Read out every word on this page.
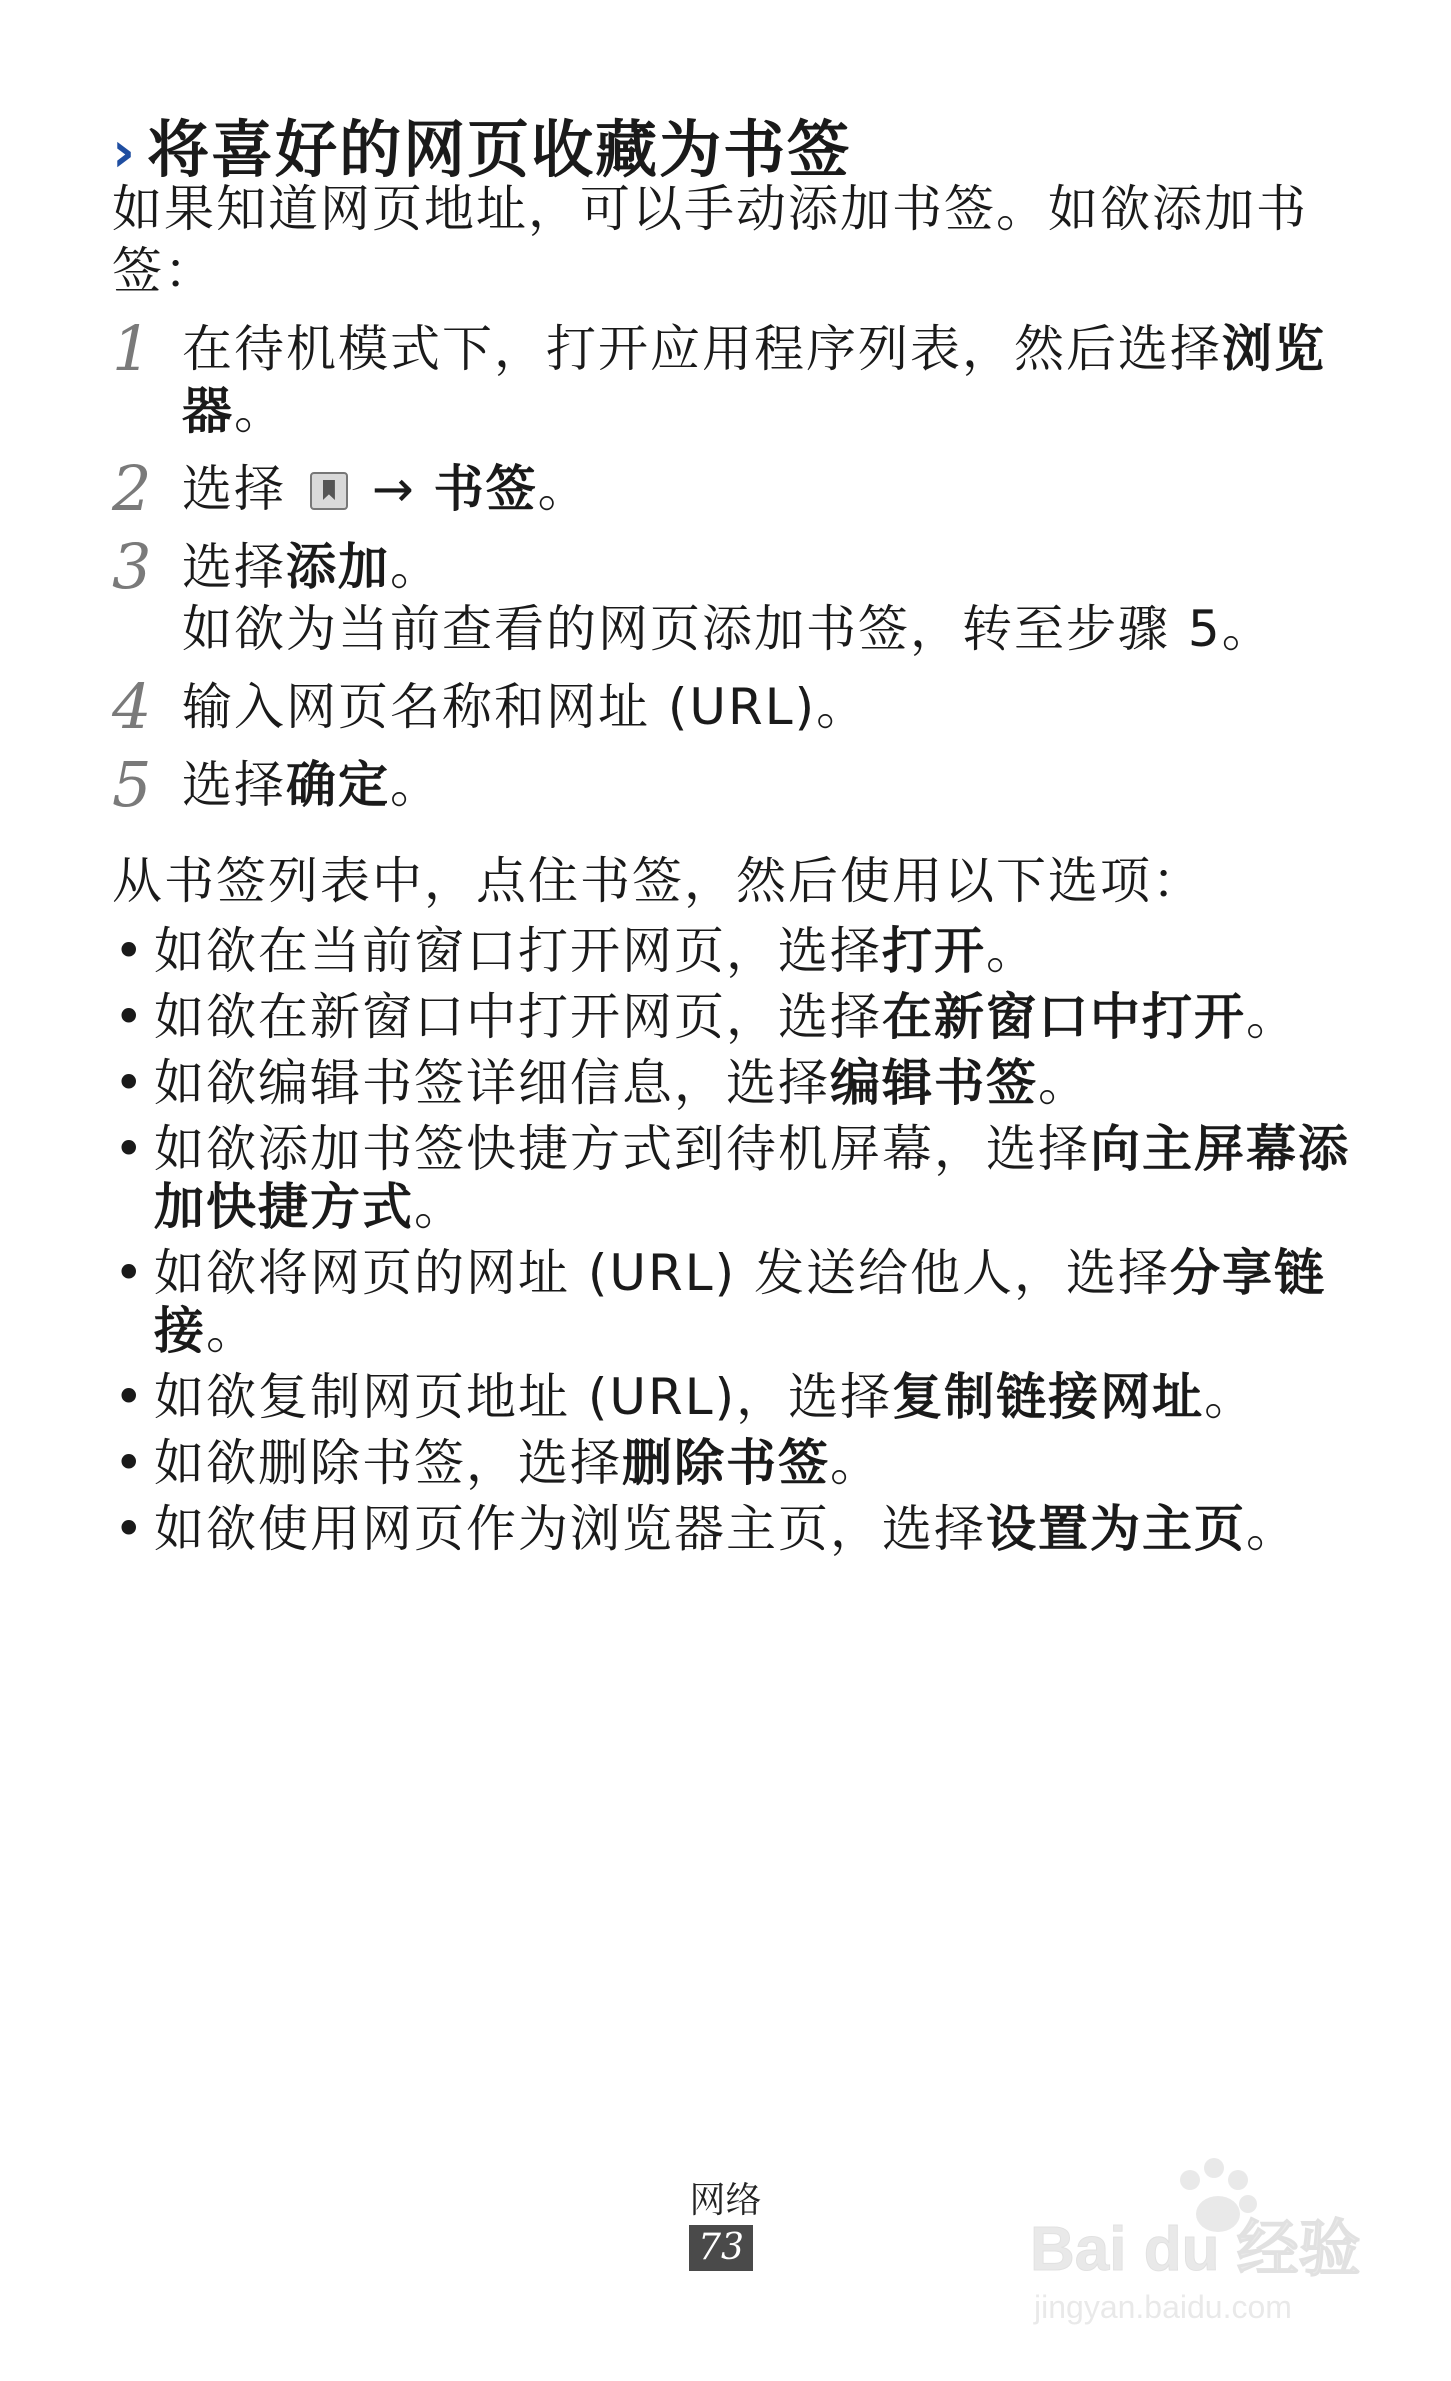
› 将喜好的网页收藏为书签
如果知道网页地址，可以手动添加书签。如欲添加书签：
1 在待机模式下，打开应用程序列表，然后选择浏览器。
2 选择 → 书签。
3 选择添加。
如欲为当前查看的网页添加书签，转至步骤 5。
4 输入网页名称和网址 (URL)。
5 选择确定。
从书签列表中，点住书签，然后使用以下选项：
• 如欲在当前窗口打开网页，选择打开。
• 如欲在新窗口中打开网页，选择在新窗口中打开。
• 如欲编辑书签详细信息，选择编辑书签。
• 如欲添加书签快捷方式到待机屏幕，选择向主屏幕添加快捷方式。
• 如欲将网页的网址 (URL) 发送给他人，选择分享链接。
• 如欲复制网页地址 (URL)，选择复制链接网址。
• 如欲删除书签，选择删除书签。
• 如欲使用网页作为浏览器主页，选择设置为主页。
网络
73	Bai du 经验
jingyan.baidu.com
